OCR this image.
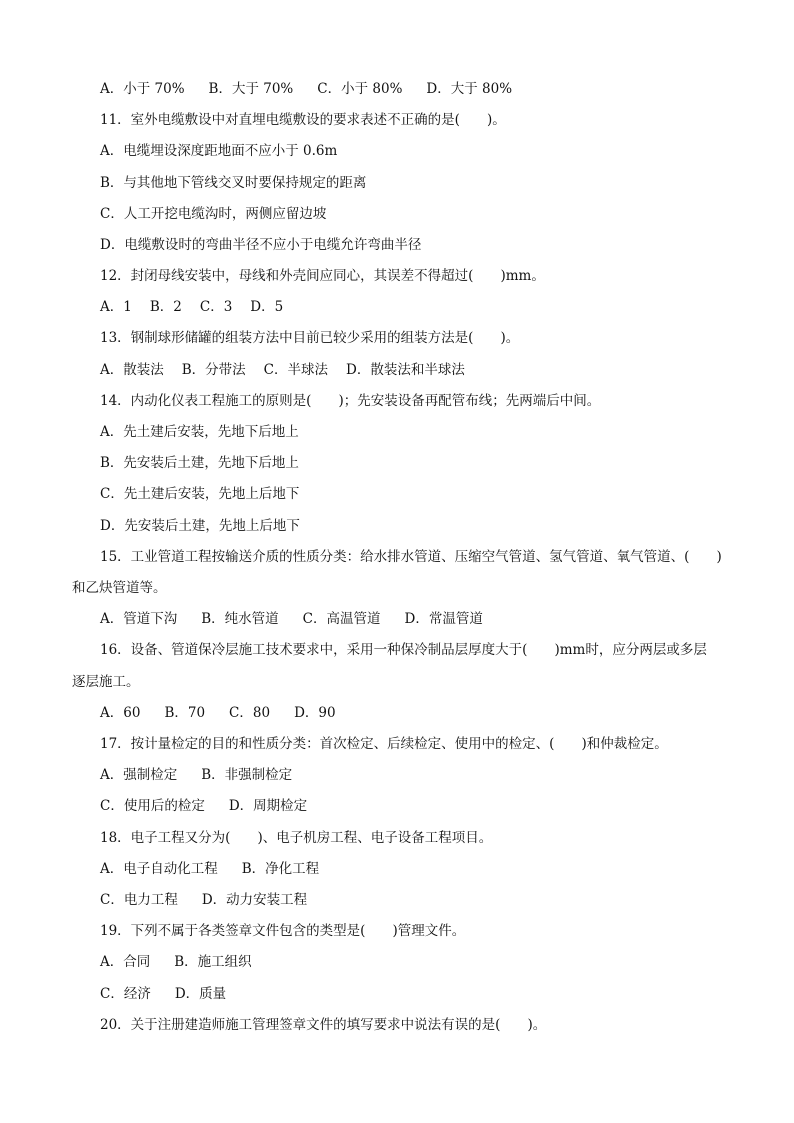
A．小于 70% B．大于 70% C．小于 80% D．大于 80%
11．室外电缆敷设中对直埋电缆敷设的要求表述不正确的是(　　)。
A．电缆埋设深度距地面不应小于 0.6m
B．与其他地下管线交叉时要保持规定的距离
C．人工开挖电缆沟时，两侧应留边坡
D．电缆敷设时的弯曲半径不应小于电缆允许弯曲半径
12．封闭母线安装中，母线和外壳间应同心，其误差不得超过(　　)mm。
A．1 B．2 C．3 D．5
13．钢制球形储罐的组装方法中目前已较少采用的组装方法是(　　)。
A．散装法 B．分带法 C．半球法 D．散装法和半球法
14．内动化仪表工程施工的原则是(　　)；先安装设备再配管布线；先两端后中间。
A．先土建后安装，先地下后地上
B．先安装后土建，先地下后地上
C．先土建后安装，先地上后地下
D．先安装后土建，先地上后地下
15．工业管道工程按输送介质的性质分类：给水排水管道、压缩空气管道、氢气管道、氧气管道、(　　)
和乙炔管道等。
A．管道下沟 B．纯水管道 C．高温管道 D．常温管道
16．设备、管道保冷层施工技术要求中，采用一种保冷制品层厚度大于(　　)mm时，应分两层或多层
逐层施工。
A．60 B．70 C．80 D．90
17．按计量检定的目的和性质分类：首次检定、后续检定、使用中的检定、(　　)和仲裁检定。
A．强制检定 B．非强制检定
C．使用后的检定 D．周期检定
18．电子工程又分为(　　)、电子机房工程、电子设备工程项目。
A．电子自动化工程 B．净化工程
C．电力工程 D．动力安装工程
19．下列不属于各类签章文件包含的类型是(　　)管理文件。
A．合同 B．施工组织
C．经济 D．质量
20．关于注册建造师施工管理签章文件的填写要求中说法有误的是(　　)。
